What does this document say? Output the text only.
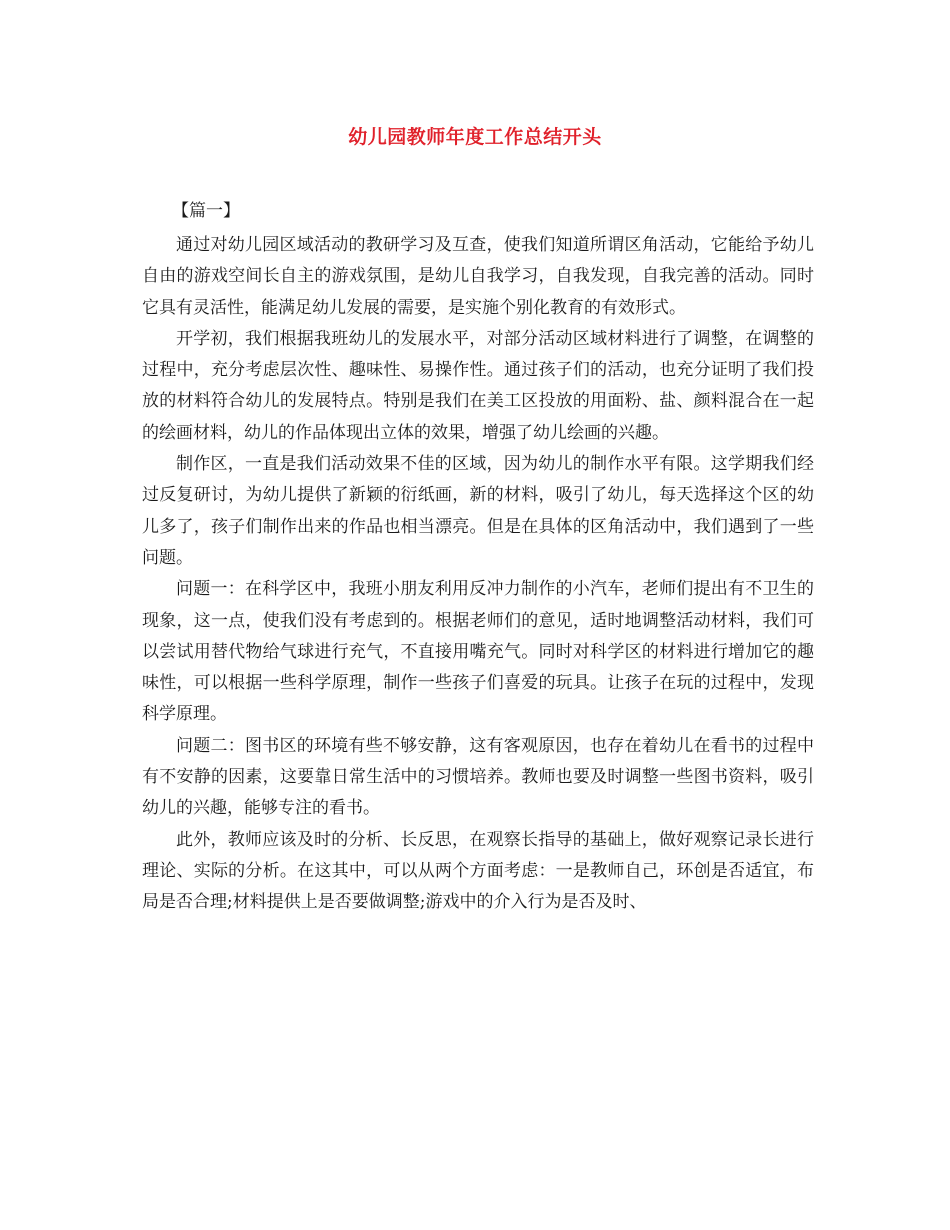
幼儿园教师年度工作总结开头
【篇一】

通过对幼儿园区域活动的教研学习及互查，使我们知道所谓区角活动，它能给予幼儿自由的游戏空间长自主的游戏氛围，是幼儿自我学习，自我发现，自我完善的活动。同时它具有灵活性，能满足幼儿发展的需要，是实施个别化教育的有效形式。

开学初，我们根据我班幼儿的发展水平，对部分活动区域材料进行了调整，在调整的过程中，充分考虑层次性、趣味性、易操作性。通过孩子们的活动，也充分证明了我们投放的材料符合幼儿的发展特点。特别是我们在美工区投放的用面粉、盐、颜料混合在一起的绘画材料，幼儿的作品体现出立体的效果，增强了幼儿绘画的兴趣。

制作区，一直是我们活动效果不佳的区域，因为幼儿的制作水平有限。这学期我们经过反复研讨，为幼儿提供了新颖的衍纸画，新的材料，吸引了幼儿，每天选择这个区的幼儿多了，孩子们制作出来的作品也相当漂亮。但是在具体的区角活动中，我们遇到了一些问题。

问题一：在科学区中，我班小朋友利用反冲力制作的小汽车，老师们提出有不卫生的现象，这一点，使我们没有考虑到的。根据老师们的意见，适时地调整活动材料，我们可以尝试用替代物给气球进行充气，不直接用嘴充气。同时对科学区的材料进行增加它的趣味性，可以根据一些科学原理，制作一些孩子们喜爱的玩具。让孩子在玩的过程中，发现科学原理。

问题二：图书区的环境有些不够安静，这有客观原因，也存在着幼儿在看书的过程中有不安静的因素，这要靠日常生活中的习惯培养。教师也要及时调整一些图书资料，吸引幼儿的兴趣，能够专注的看书。

此外，教师应该及时的分析、长反思，在观察长指导的基础上，做好观察记录长进行理论、实际的分析。在这其中，可以从两个方面考虑：一是教师自己，环创是否适宜，布局是否合理;材料提供上是否要做调整;游戏中的介入行为是否及时、
